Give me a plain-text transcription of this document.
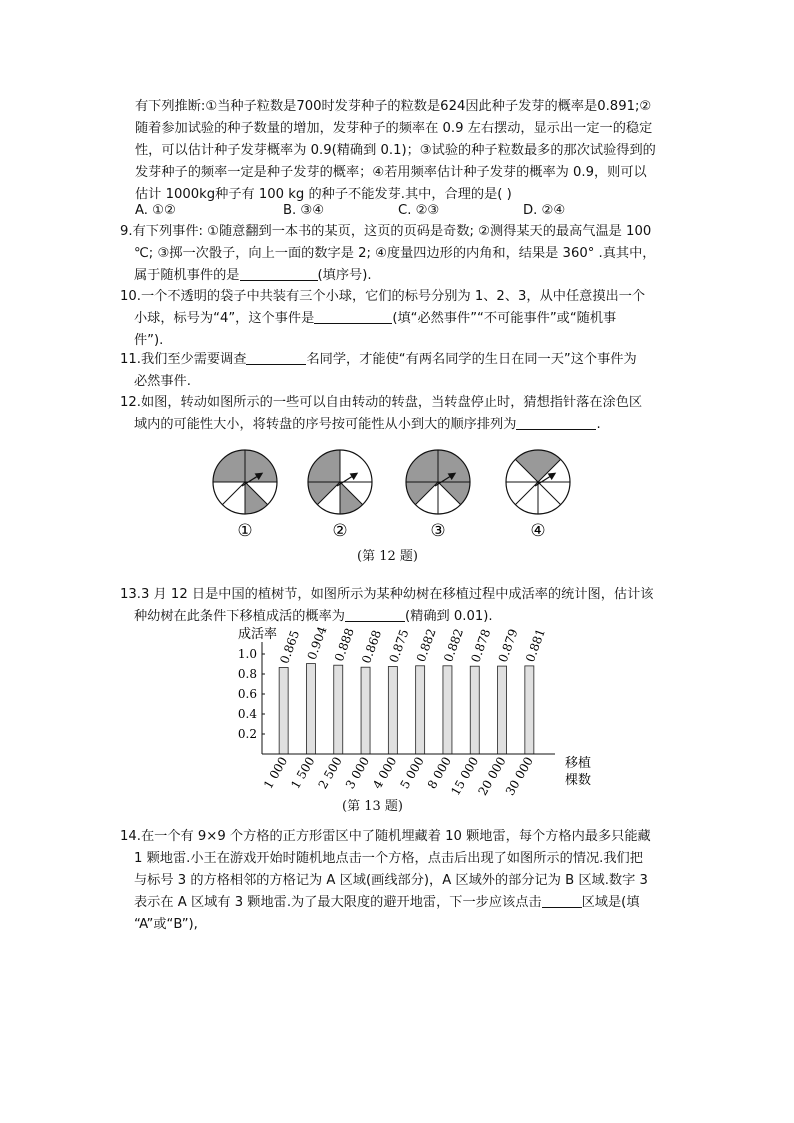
有下列推断:①当种子粒数是700时发芽种子的粒数是624因此种子发芽的概率是0.891;②
随着参加试验的种子数量的增加，发芽种子的频率在 0.9 左右摆动，显示出一定一的稳定
性，可以估计种子发芽概率为 0.9(精确到 0.1)；③试验的种子粒数最多的那次试验得到的
发芽种子的频率一定是种子发芽的概率；④若用频率估计种子发芽的概率为 0.9，则可以
估计 1000kg种子有 100 kg 的种子不能发芽.其中，合理的是( )
A. ①②	B. ③④	C. ②③	D. ②④
9.有下列事件: ①随意翻到一本书的某页，这页的页码是奇数; ②测得某天的最高气温是 100
℃; ③掷一次骰子，向上一面的数字是 2; ④度量四边形的内角和，结果是 360° .真其中，
属于随机事件的是	(填序号).
10.一个不透明的袋子中共装有三个小球，它们的标号分别为 1、2、3，从中任意摸出一个
小球，标号为“4”，这个事件是	(填“必然事件”“不可能事件”或“随机事
件”).
11.我们至少需要调查	名同学，才能使“有两名同学的生日在同一天”这个事件为
必然事件.
12.如图，转动如图所示的一些可以自由转动的转盘，当转盘停止时，猜想指针落在涂色区
域内的可能性大小，将转盘的序号按可能性从小到大的顺序排列为	.
①	②	③	④
(第 12 题)
13.3 月 12 日是中国的植树节，如图所示为某种幼树在移植过程中成活率的统计图，估计该
种幼树在此条件下移植成活的概率为	(精确到 0.01).
成活率
0.2
0.4
0.6
0.8
1.0 0.865 0.904 0.888 0.868 0.875 0.882 0.882 0.878 0.879 0.881
1 000
1 500
2 500
3 000
4 000
5 000
8 000
15 000
20 000
30 000 移植
棵数
(第 13 题)
14.在一个有 9×9 个方格的正方形雷区中了随机埋藏着 10 颗地雷，每个方格内最多只能藏
1 颗地雷.小王在游戏开始时随机地点击一个方格，点击后出现了如图所示的情况.我们把
与标号 3 的方格相邻的方格记为 A 区域(画线部分)，A 区域外的部分记为 B 区域.数字 3
表示在 A 区域有 3 颗地雷.为了最大限度的避开地雷，下一步应该点击	区域是(填
“A”或“B”),
